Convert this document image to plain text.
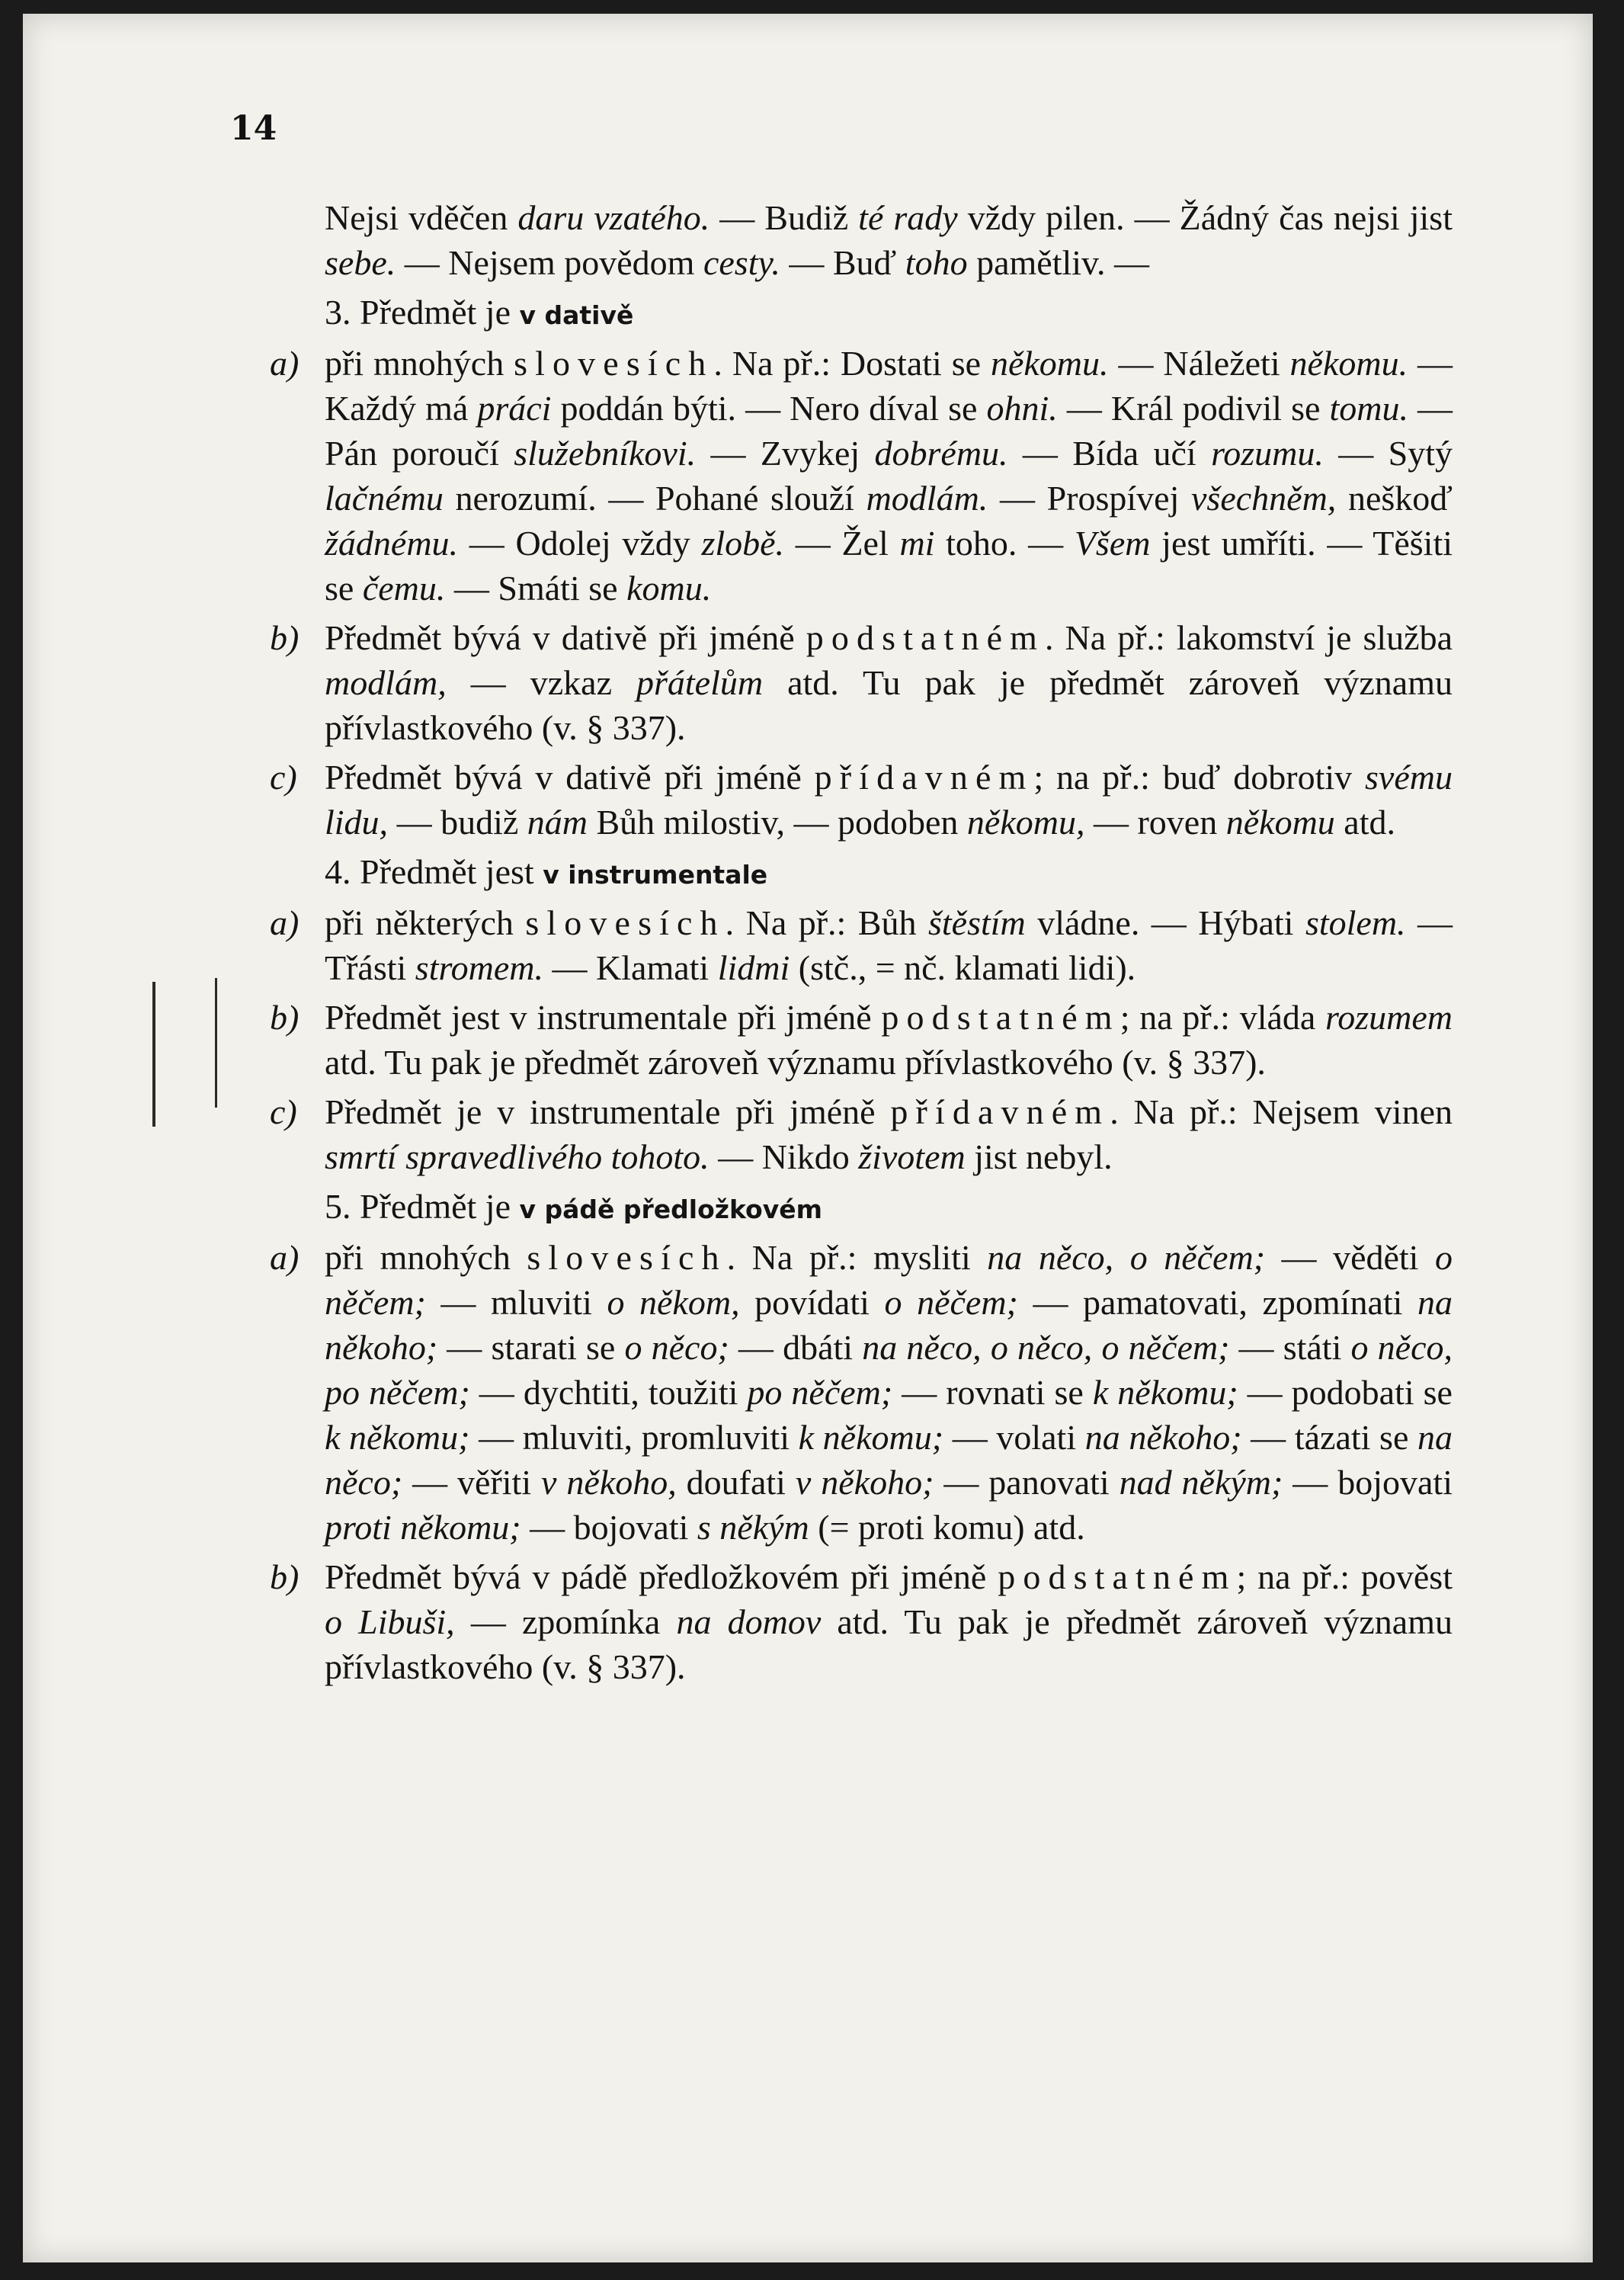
14

Nejsi vděčen daru vzatého. — Budiž té rady vždy pilen. — Žádný čas nejsi jist sebe. — Nejsem povědom cesty. — Buď toho pamětliv. —

3. Předmět je v dativě

a) při mnohých slovesích. Na př.: Dostati se někomu. — Náležeti někomu. — Každý má práci poddán býti. — Nero díval se ohni. — Král podivil se tomu. — Pán poroučí služebníkovi. — Zvykej dobrému. — Bída učí rozumu. — Sytý lačnému nerozumí. — Pohané slouží modlám. — Prospívej všechněm, neškoď žádnému. — Odolej vždy zlobě. — Žel mi toho. — Všem jest umříti. — Těšiti se čemu. — Smáti se komu.

b) Předmět bývá v dativě při jméně podstatném. Na př.: lakomství je služba modlám, — vzkaz přátelům atd. Tu pak je předmět zároveň významu přívlastkového (v. § 337).

c) Předmět bývá v dativě při jméně přídavném; na př.: buď dobrotiv svému lidu, — budiž nám Bůh milostiv, — podoben někomu, — roven někomu atd.

4. Předmět jest v instrumentale

a) při některých slovesích. Na př.: Bůh štěstím vládne. — Hýbati stolem. — Třásti stromem. — Klamati lidmi (stč., = nč. klamati lidi).

b) Předmět jest v instrumentale při jméně podstatném; na př.: vláda rozumem atd. Tu pak je předmět zároveň významu přívlastkového (v. § 337).

c) Předmět je v instrumentale při jméně přídavném. Na př.: Nejsem vinen smrtí spravedlivého tohoto. — Nikdo životem jist nebyl.

5. Předmět je v pádě předložkovém

a) při mnohých slovesích. Na př.: mysliti na něco, o něčem; — věděti o něčem; — mluviti o někom, povídati o něčem; — pamatovati, zpomínati na někoho; — starati se o něco; — dbáti na něco, o něco, o něčem; — státi o něco, po něčem; — dychtiti, toužiti po něčem; — rovnati se k někomu; — podobati se k někomu; — mluviti, promluviti k někomu; — volati na někoho; — tázati se na něco; — věřiti v někoho, doufati v někoho; — panovati nad někým; — bojovati proti někomu; — bojovati s někým (= proti komu) atd.

b) Předmět bývá v pádě předložkovém při jméně podstatném; na př.: pověst o Libuši, — zpomínka na domov atd. Tu pak je předmět zároveň významu přívlastkového (v. § 337).
